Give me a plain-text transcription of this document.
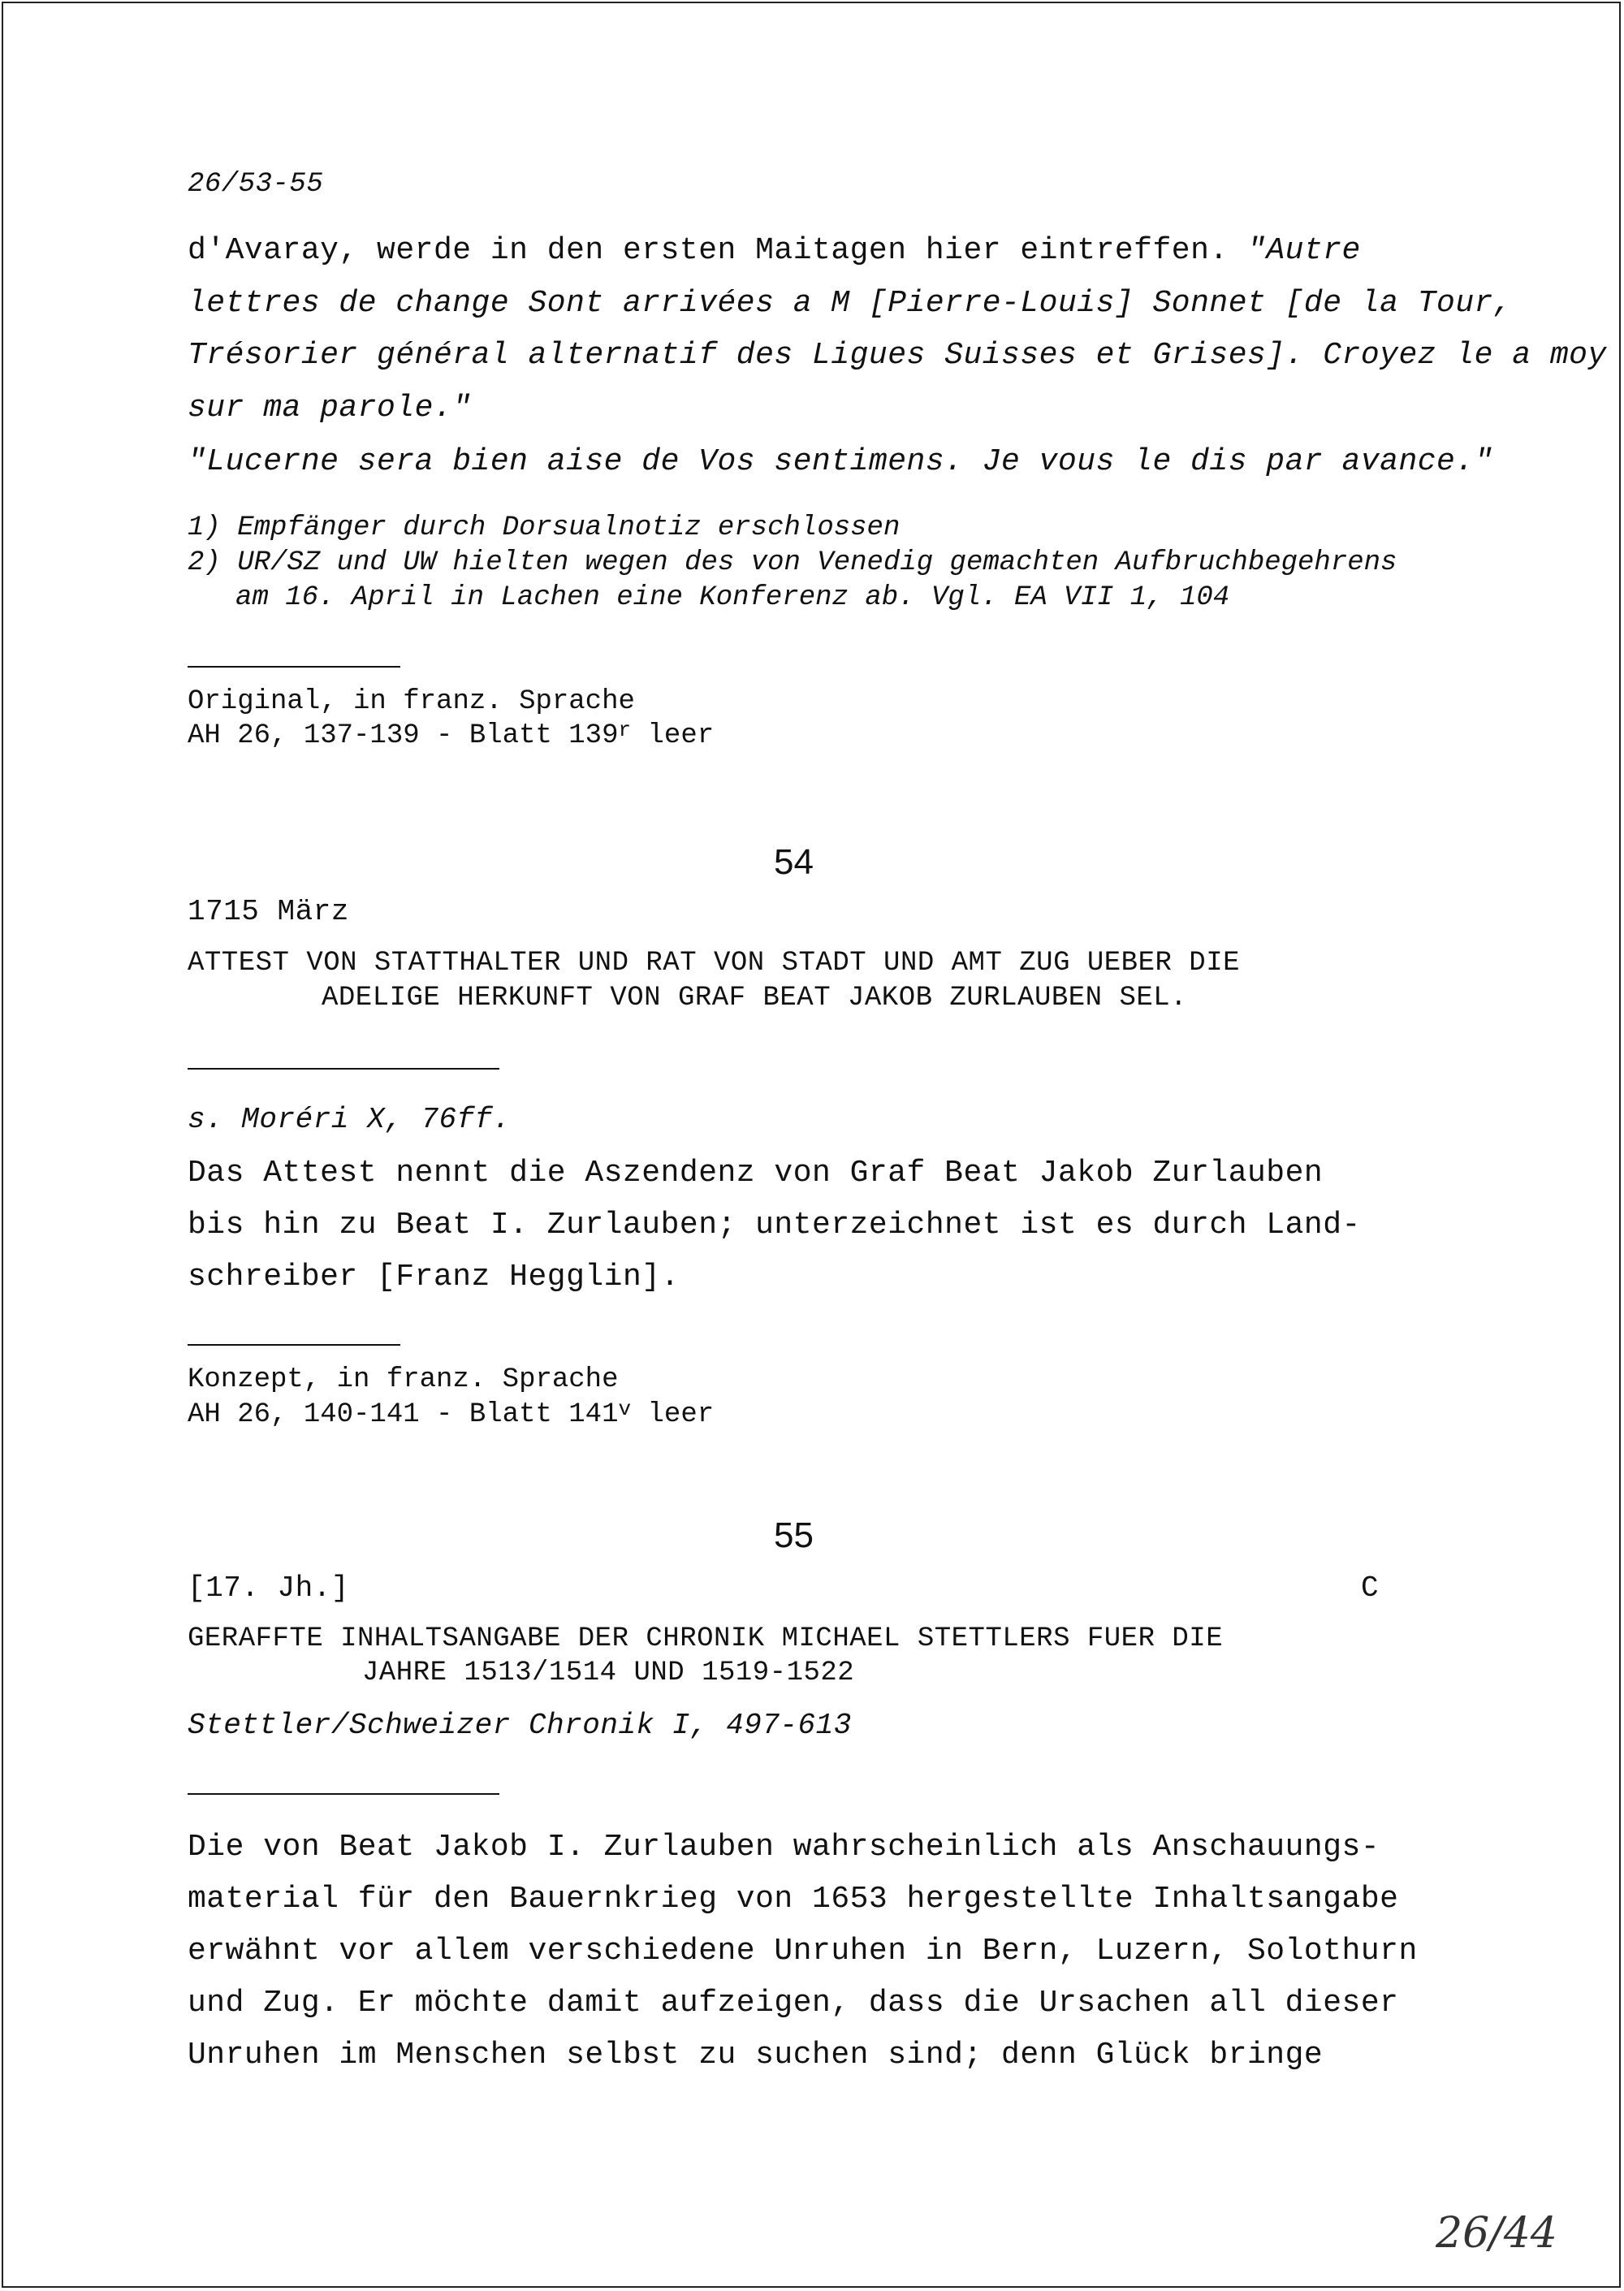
26/53-55
d'Avaray, werde in den ersten Maitagen hier eintreffen. "Autre
lettres de change Sont arrivées a M [Pierre-Louis] Sonnet [de la Tour,
Trésorier général alternatif des Ligues Suisses et Grises]. Croyez le a moy
sur ma parole."
"Lucerne sera bien aise de Vos sentimens. Je vous le dis par avance."
1) Empfänger durch Dorsualnotiz erschlossen
2) UR/SZ und UW hielten wegen des von Venedig gemachten Aufbruchbegehrens
am 16. April in Lachen eine Konferenz ab. Vgl. EA VII 1, 104
Original, in franz. Sprache
AH 26, 137-139 - Blatt 139$^r$ leer
54
1715 März
ATTEST VON STATTHALTER UND RAT VON STADT UND AMT ZUG UEBER DIE
ADELIGE HERKUNFT VON GRAF BEAT JAKOB ZURLAUBEN SEL.
s. Moréri X, 76ff.
Das Attest nennt die Aszendenz von Graf Beat Jakob Zurlauben
bis hin zu Beat I. Zurlauben; unterzeichnet ist es durch Land-
schreiber [Franz Hegglin].
Konzept, in franz. Sprache
AH 26, 140-141 - Blatt 141$^v$ leer
55
[17. Jh.]	C
GERAFFTE INHALTSANGABE DER CHRONIK MICHAEL STETTLERS FUER DIE
JAHRE 1513/1514 UND 1519-1522
Stettler/Schweizer Chronik I, 497-613
Die von Beat Jakob I. Zurlauben wahrscheinlich als Anschauungs-
material für den Bauernkrieg von 1653 hergestellte Inhaltsangabe
erwähnt vor allem verschiedene Unruhen in Bern, Luzern, Solothurn
und Zug. Er möchte damit aufzeigen, dass die Ursachen all dieser
Unruhen im Menschen selbst zu suchen sind; denn Glück bringe
26/44
